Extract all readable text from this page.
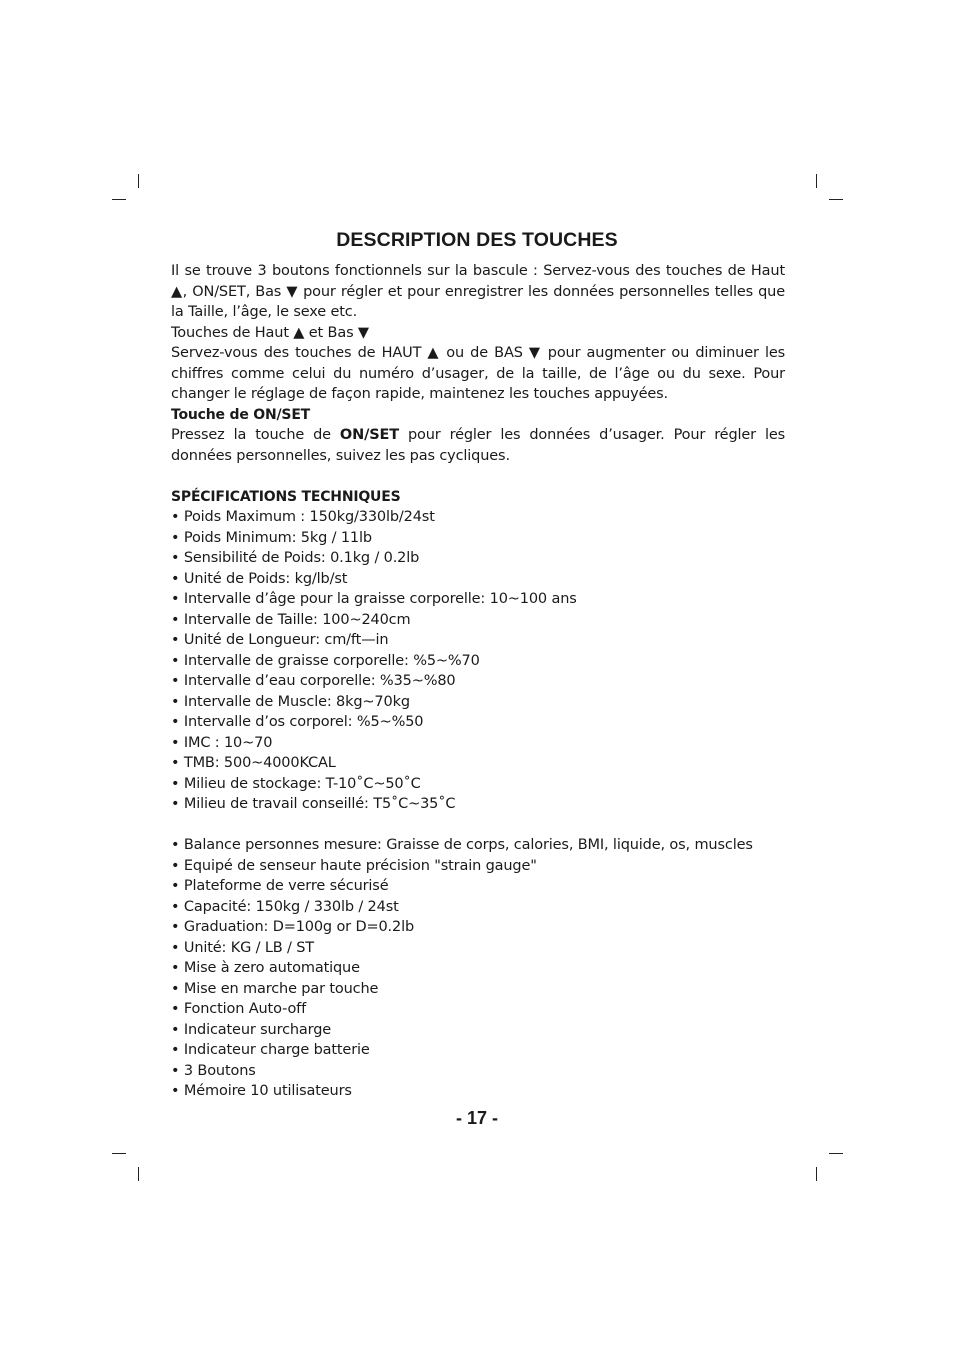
DESCRIPTION DES TOUCHES

Il se trouve 3 boutons fonctionnels sur la bascule : Servez-vous des touches de Haut ▲, ON/SET, Bas ▼ pour régler et pour enregistrer les données personnelles telles que la Taille, l’âge, le sexe etc.

Touches de Haut ▲ et Bas ▼

Servez-vous des touches de HAUT ▲ ou de BAS ▼ pour augmenter ou diminuer les chiffres comme celui du numéro d’usager, de la taille, de l’âge ou du sexe. Pour changer le réglage de façon rapide, maintenez les touches appuyées.

Touche de ON/SET

Pressez la touche de ON/SET pour régler les données d’usager. Pour régler les données personnelles, suivez les pas cycliques.

SPÉCIFICATIONS TECHNIQUES

• Poids Maximum : 150kg/330lb/24st
• Poids Minimum: 5kg / 11lb
• Sensibilité de Poids: 0.1kg / 0.2lb
• Unité de Poids: kg/lb/st
• Intervalle d’âge pour la graisse corporelle: 10~100 ans
• Intervalle de Taille: 100~240cm
• Unité de Longueur: cm/ft—in
• Intervalle de graisse corporelle: %5~%70
• Intervalle d’eau corporelle: %35~%80
• Intervalle de Muscle: 8kg~70kg
• Intervalle d’os corporel: %5~%50
• IMC : 10~70
• TMB: 500~4000KCAL
• Milieu de stockage: T-10˚C~50˚C
• Milieu de travail conseillé: T5˚C~35˚C
• Balance personnes mesure: Graisse de corps, calories, BMI, liquide, os, muscles
• Equipé de senseur haute précision "strain gauge"
• Plateforme de verre sécurisé
• Capacité: 150kg / 330lb / 24st
• Graduation: D=100g or D=0.2lb
• Unité: KG / LB / ST
• Mise à zero automatique
• Mise en marche par touche
• Fonction Auto-off
• Indicateur surcharge
• Indicateur charge batterie
• 3 Boutons
• Mémoire 10 utilisateurs
- 17 -
